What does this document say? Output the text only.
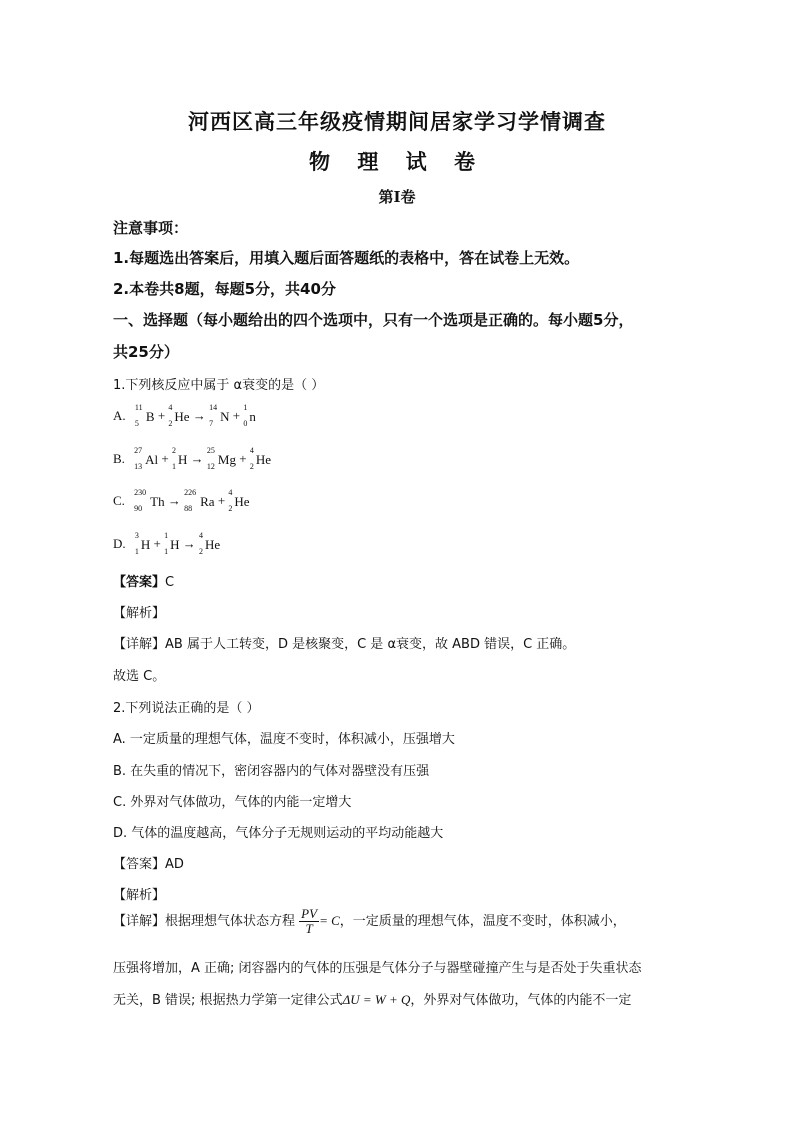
河西区高三年级疫情期间居家学习学情调查
物 理 试 卷
第I卷
注意事项：
1.每题选出答案后，用填入题后面答题纸的表格中，答在试卷上无效。
2.本卷共8题，每题5分，共40分
一、选择题（每小题给出的四个选项中，只有一个选项是正确的。每小题5分，
共25分）
1.下列核反应中属于 α衰变的是（ ）
A.
11
5 B +
4
2 He →
14
7 N +
1
0 n
B.
27
13 Al +
2
1 H →
25
12 Mg +
4
2 He
C.
230
90 Th →
226
88 Ra +
4
2 He
D.
3
1 H +
1
1 H →
4
2 He
【答案】C
【解析】
【详解】AB 属于人工转变，D 是核聚变，C 是 α衰变，故 ABD 错误，C 正确。
故选 C。
2.下列说法正确的是（ ）
A. 一定质量的理想气体，温度不变时，体积减小，压强增大
B. 在失重的情况下，密闭容器内的气体对器壁没有压强
C. 外界对气体做功，气体的内能一定增大
D. 气体的温度越高，气体分子无规则运动的平均动能越大
【答案】AD
【解析】
【详解】根据理想气体状态方程 $\frac{PV}{T} = C$，一定质量的理想气体，温度不变时，体积减小，
压强将增加，A 正确; 闭容器内的气体的压强是气体分子与器壁碰撞产生与是否处于失重状态
无关，B 错误; 根据热力学第一定律公式ΔU = W + Q，外界对气体做功，气体的内能不一定
